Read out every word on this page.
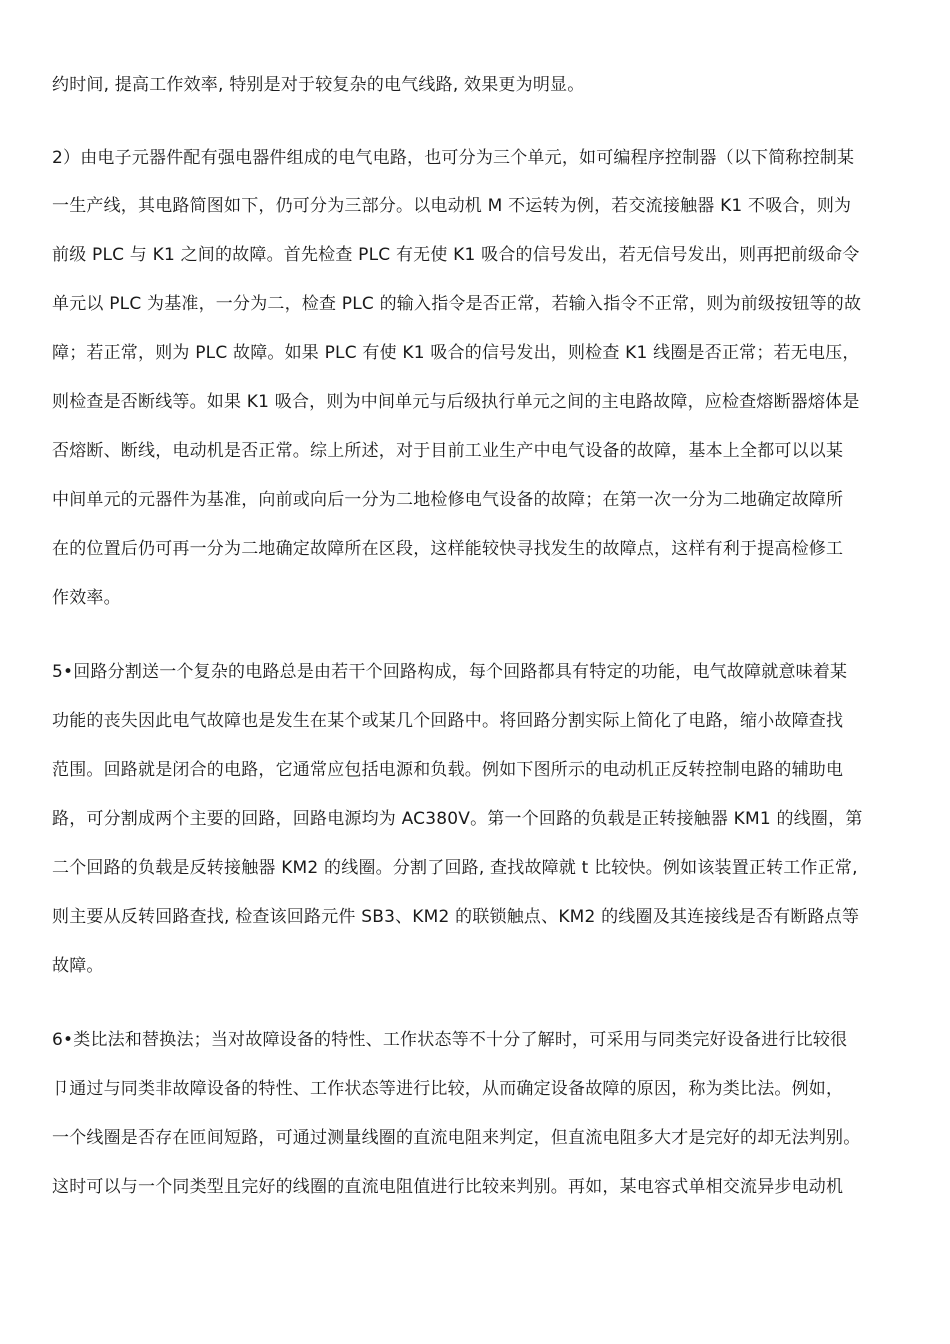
约时间, 提高工作效率, 特别是对于较复杂的电气线路, 效果更为明显。
2）由电子元器件配有强电器件组成的电气电路，也可分为三个单元，如可编程序控制器（以下简称控制某
一生产线，其电路简图如下，仍可分为三部分。以电动机 M 不运转为例，若交流接触器 K1 不吸合，则为
前级 PLC 与 K1 之间的故障。首先检查 PLC 有无使 K1 吸合的信号发出，若无信号发出，则再把前级命令
单元以 PLC 为基准，一分为二，检查 PLC 的输入指令是否正常，若输入指令不正常，则为前级按钮等的故
障；若正常，则为 PLC 故障。如果 PLC 有使 K1 吸合的信号发出，则检查 K1 线圈是否正常；若无电压，
则检查是否断线等。如果 K1 吸合，则为中间单元与后级执行单元之间的主电路故障，应检查熔断器熔体是
否熔断、断线，电动机是否正常。综上所述，对于目前工业生产中电气设备的故障，基本上全都可以以某
中间单元的元器件为基准，向前或向后一分为二地检修电气设备的故障；在第一次一分为二地确定故障所
在的位置后仍可再一分为二地确定故障所在区段，这样能较快寻找发生的故障点，这样有利于提高检修工
作效率。
5•回路分割送一个复杂的电路总是由若干个回路构成，每个回路都具有特定的功能，电气故障就意味着某
功能的丧失因此电气故障也是发生在某个或某几个回路中。将回路分割实际上简化了电路，缩小故障查找
范围。回路就是闭合的电路，它通常应包括电源和负载。例如下图所示的电动机正反转控制电路的辅助电
路，可分割成两个主要的回路，回路电源均为 AC380V。第一个回路的负载是正转接触器 KM1 的线圈，第
二个回路的负载是反转接触器 KM2 的线圈。分割了回路, 查找故障就 t 比较快。例如该装置正转工作正常,
则主要从反转回路查找, 检查该回路元件 SB3、KM2 的联锁触点、KM2 的线圈及其连接线是否有断路点等
故障。
6•类比法和替换法；当对故障设备的特性、工作状态等不十分了解时，可采用与同类完好设备进行比较很
卩通过与同类非故障设备的特性、工作状态等进行比较，从而确定设备故障的原因，称为类比法。例如，
一个线圈是否存在匝间短路，可通过测量线圈的直流电阻来判定，但直流电阻多大才是完好的却无法判别。
这时可以与一个同类型且完好的线圈的直流电阻值进行比较来判别。再如，某电容式单相交流异步电动机
